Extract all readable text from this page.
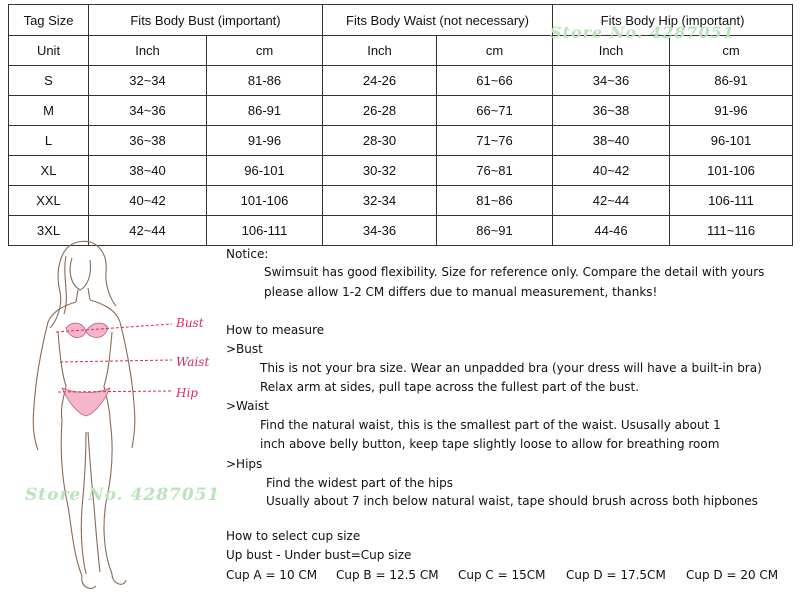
Tag Size	Fits Body Bust (important)		Fits Body Waist (not necessary)		Fits Body Hip (important)	
Unit	Inch	cm	Inch	cm	Inch	cm
S	32~34	81-86	24-26	61~66	34~36	86-91
M	34~36	86-91	26-28	66~71	36~38	91-96
L	36~38	91-96	28-30	71~76	38~40	96-101
XL	38~40	96-101	30-32	76~81	40~42	101-106
XXL	40~42	101-106	32-34	81~86	42~44	106-111
3XL	42~44	106-111	34-36	86~91	44-46	111~116
Store No. 4287051
Bust
Waist
Hip
Store No. 4287051
Notice:
Swimsuit has good flexibility. Size for reference only. Compare the detail with yours
please allow 1-2 CM differs due to manual measurement, thanks!
How to measure
>Bust
This is not your bra size. Wear an unpadded bra (your dress will have a built-in bra)
Relax arm at sides, pull tape across the fullest part of the bust.
>Waist
Find the natural waist, this is the smallest part of the waist. Ususally about 1
inch above belly button, keep tape slightly loose to allow for breathing room
>Hips
Find the widest part of the hips
Usually about 7 inch below natural waist, tape should brush across both hipbones
How to select cup size
Up bust - Under bust=Cup size
Cup A = 10 CM Cup B = 12.5 CM Cup C = 15CM Cup D = 17.5CM Cup D = 20 CM
